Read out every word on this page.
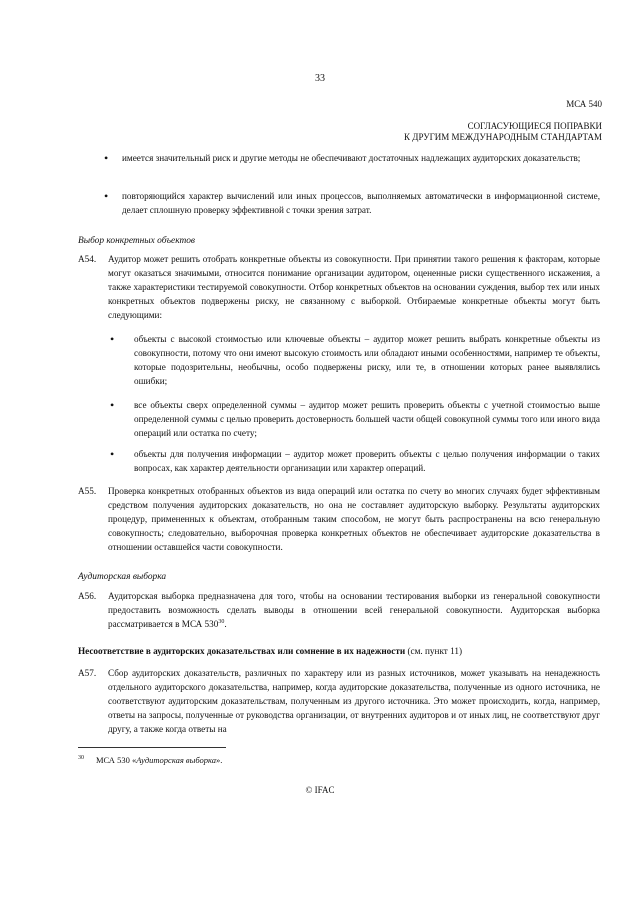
33
МСА 540
СОГЛАСУЮЩИЕСЯ ПОПРАВКИ
К ДРУГИМ МЕЖДУНАРОДНЫМ СТАНДАРТАМ
• имеется значительный риск и другие методы не обеспечивают достаточных надлежащих аудиторских доказательств;
• повторяющийся характер вычислений или иных процессов, выполняемых автоматически в информационной системе, делает сплошную проверку эффективной с точки зрения затрат.
Выбор конкретных объектов
A54. Аудитор может решить отобрать конкретные объекты из совокупности. При принятии такого решения к факторам, которые могут оказаться значимыми, относится понимание организации аудитором, оцененные риски существенного искажения, а также характеристики тестируемой совокупности. Отбор конкретных объектов на основании суждения, выбор тех или иных конкретных объектов подвержены риску, не связанному с выборкой. Отбираемые конкретные объекты могут быть следующими:
• объекты с высокой стоимостью или ключевые объекты – аудитор может решить выбрать конкретные объекты из совокупности, потому что они имеют высокую стоимость или обладают иными особенностями, например те объекты, которые подозрительны, необычны, особо подвержены риску, или те, в отношении которых ранее выявлялись ошибки;
• все объекты сверх определенной суммы – аудитор может решить проверить объекты с учетной стоимостью выше определенной суммы с целью проверить достоверность большей части общей совокупной суммы того или иного вида операций или остатка по счету;
• объекты для получения информации – аудитор может проверить объекты с целью получения информации о таких вопросах, как характер деятельности организации или характер операций.
A55. Проверка конкретных отобранных объектов из вида операций или остатка по счету во многих случаях будет эффективным средством получения аудиторских доказательств, но она не составляет аудиторскую выборку. Результаты аудиторских процедур, примененных к объектам, отобранным таким способом, не могут быть распространены на всю генеральную совокупность; следовательно, выборочная проверка конкретных объектов не обеспечивает аудиторские доказательства в отношении оставшейся части совокупности.
Аудиторская выборка
A56. Аудиторская выборка предназначена для того, чтобы на основании тестирования выборки из генеральной совокупности предоставить возможность сделать выводы в отношении всей генеральной совокупности. Аудиторская выборка рассматривается в МСА $530^{30}$.
Несоответствие в аудиторских доказательствах или сомнение в их надежности (см. пункт 11)
A57. Сбор аудиторских доказательств, различных по характеру или из разных источников, может указывать на ненадежность отдельного аудиторского доказательства, например, когда аудиторские доказательства, полученные из одного источника, не соответствуют аудиторским доказательствам, полученным из другого источника. Это может происходить, когда, например, ответы на запросы, полученные от руководства организации, от внутренних аудиторов и от иных лиц, не соответствуют друг другу, а также когда ответы на
30 МСА 530 «Аудиторская выборка».
© IFAC
